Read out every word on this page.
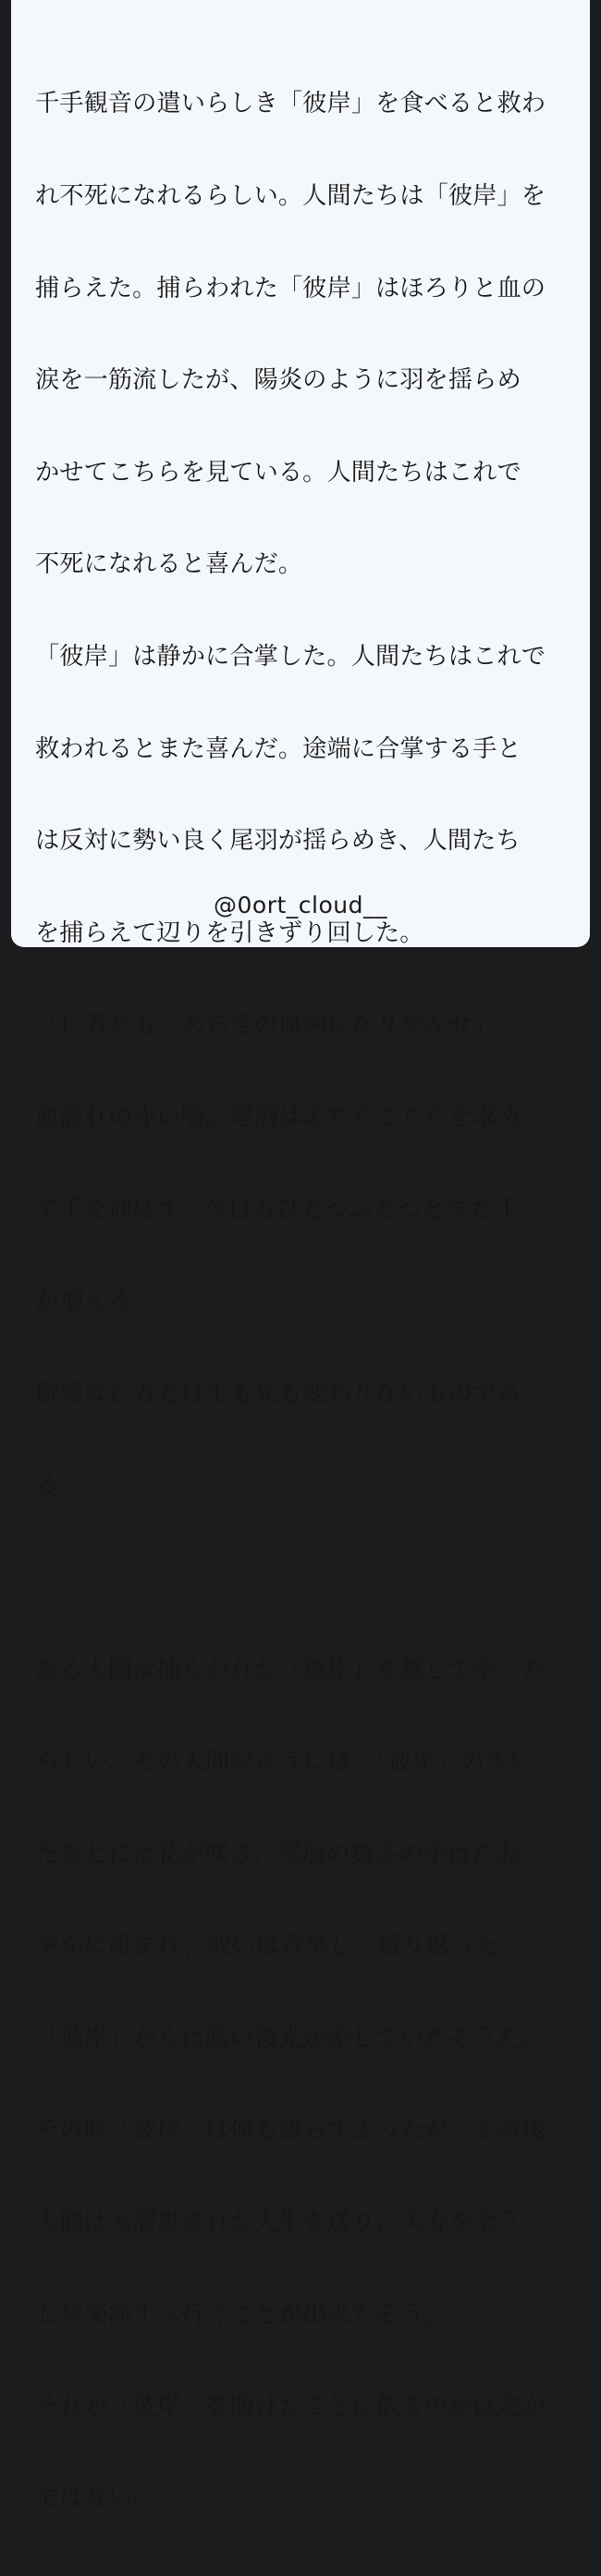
千手観音の遣いらしき「彼岸」を食べると救わ

れ不死になれるらしい。人間たちは「彼岸」を

捕らえた。捕らわれた「彼岸」はほろりと血の

涙を一筋流したが、陽炎のように羽を揺らめ

かせてこちらを見ている。人間たちはこれで

不死になれると喜んだ。

「彼岸」は静かに合掌した。人間たちはこれで

救われるとまた喜んだ。途端に合掌する手と

は反対に勢い良く尾羽が揺らめき、人間たち

を捕らえて辺りを引きずり回した。

「亡者ども、あちきの血肉になりやんせ」

血濡れの赤い嘴。尾羽はあちらこちらを求め

て手を伸ばす。今日もひとつふたつとまた手

が増える。

傲慢な亡者とは生も死も変わりないものであ

る。

ある人間は捕らわれた「彼岸」を離してやった

らしい。その人間が言うには、「彼岸」の歩い

たあとには花が咲き、尾羽の数多の手はたお

やかに組まれ、或いは合掌し、振り返った

「彼岸」からは眩い後光が差していたそうだ。

その時「彼岸」は何も語らず去ったが、その後

人間は大層恵まれた人生を送り、天寿を全う

し極楽浄土へ行くことが出来たそう。

それが「彼岸」を助けたことに依るのかは定か

ではない。

@0ort_cloud__
